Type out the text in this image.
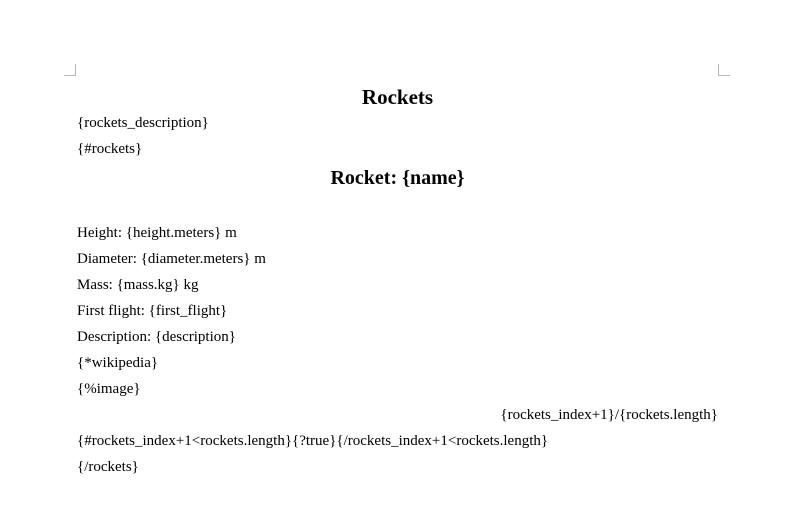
Rockets
{rockets_description}
{#rockets}
Rocket: {name}
Height: {height.meters} m
Diameter: {diameter.meters} m
Mass: {mass.kg} kg
First flight: {first_flight}
Description: {description}
{*wikipedia}
{%image}
{rockets_index+1}/{rockets.length}
{#rockets_index+1<rockets.length}{?true}{/rockets_index+1<rockets.length}
{/rockets}
